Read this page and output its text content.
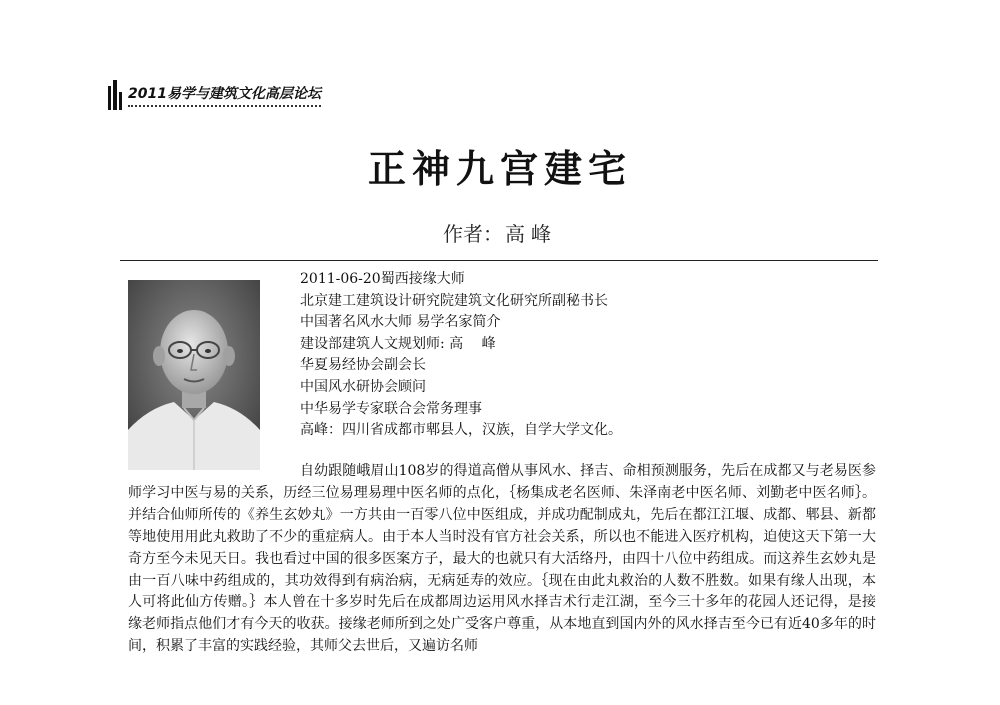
2011易学与建筑文化高层论坛
正神九宫建宅
作者： 高峰
2011-06-20蜀西接缘大师
北京建工建筑设计研究院建筑文化研究所副秘书长
中国著名风水大师 易学名家简介
建设部建筑人文规划师: 高　 峰
华夏易经协会副会长
中国风水研协会顾问
中华易学专家联合会常务理事
高峰：四川省成都市郫县人，汉族，自学大学文化。
自幼跟随峨眉山108岁的得道高僧从事风水、择吉、命相预测服务，先后在成都又与老易医参师学习中医与易的关系，历经三位易理易理中医名师的点化，｛杨集成老名医师、朱泽南老中医名师、刘勤老中医名师｝。并结合仙师所传的《养生玄妙丸》一方共由一百零八位中医组成，并成功配制成丸，先后在都江江堰、成都、郫县、新都等地使用用此丸救助了不少的重症病人。由于本人当时没有官方社会关系，所以也不能进入医疗机构，迫使这天下第一大奇方至今未见天日。我也看过中国的很多医案方子，最大的也就只有大活络丹，由四十八位中药组成。而这养生玄妙丸是由一百八味中药组成的，其功效得到有病治病，无病延寿的效应。｛现在由此丸救治的人数不胜数。如果有缘人出现，本人可将此仙方传赠。｝本人曾在十多岁时先后在成都周边运用风水择吉术行走江湖，至今三十多年的花园人还记得，是接缘老师指点他们才有今天的收获。接缘老师所到之处广受客户尊重，从本地直到国内外的风水择吉至今已有近40多年的时间，积累了丰富的实践经验，其师父去世后，又遍访名师
